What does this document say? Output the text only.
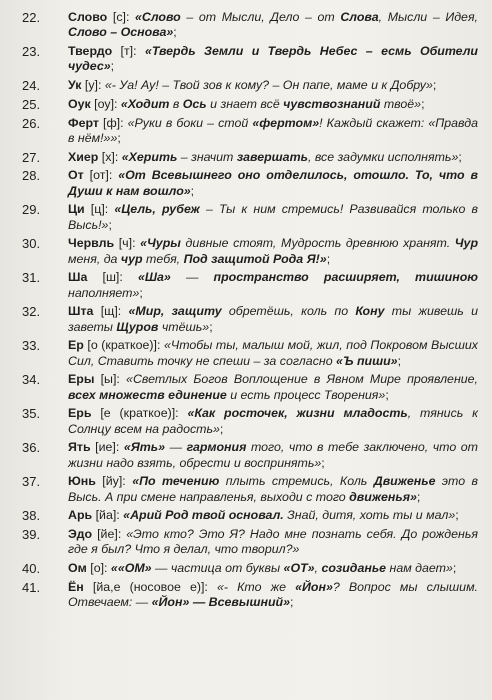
22. Слово [с]: «Слово – от Мысли, Дело – от Слова, Мысли – Идея, Слово – Основа»;
23. Твердо [т]: «Твердь Земли и Твердь Небес – есмь Обители чудес»;
24. Ук [у]: «- Уа! Ау! – Твой зов к кому? – Он папе, маме и к Добру»;
25. Оук [оу]: «Ходит в Ось и знает всё чувствознаний твоё»;
26. Ферт [ф]: «Руки в боки – стой «фертом»! Каждый скажет: «Правда в нём!»»;
27. Хиер [х]: «Херить – значит завершать, все задумки исполнять»;
28. От [от]: «От Всевышнего оно отделилось, отошло. То, что в Души к нам вошло»;
29. Ци [ц]: «Цель, рубеж – Ты к ним стремись! Развивайся только в Высь!»;
30. Червль [ч]: «Чуры дивные стоят, Мудрость древнюю хранят. Чур меня, да чур тебя, Под защитой Рода Я!»;
31. Ша [ш]: «Ша» — пространство расширяет, тишиною наполняет»;
32. Шта [щ]: «Мир, защиту обретёшь, коль по Кону ты живешь и заветы Щуров чтёшь»;
33. Ер [о (краткое)]: «Чтобы ты, малыш мой, жил, под Покровом Высших Сил, Ставить точку не спеши – за согласно «Ъ пиши»;
34. Еры [ы]: «Светлых Богов Воплощение в Явном Мире проявление, всех множеств единение и есть процесс Творения»;
35. Ерь [е (краткое)]: «Как росточек, жизни младость, тянись к Солнцу всем на радость»;
36. Ять [ие]: «Ять» — гармония того, что в тебе заключено, что от жизни надо взять, обрести и воспринять»;
37. Юнь [йу]: «По течению плыть стремись, Коль Движенье это в Высь. А при смене направленья, выходи с того движенья»;
38. Арь [йа]: «Арий Род твой основал. Знай, дитя, хоть ты и мал»;
39. Эдо [йе]: «Это кто? Это Я? Надо мне познать себя. До рожденья где я был? Что я делал, что творил?»
40. Ом [о]: ««ОМ» — частица от буквы «ОТ», созиданье нам дает»;
41. Ён [йа,е (носовое е)]: «- Кто же «Йон»? Вопрос мы слышим. Отвечаем: — «Йон» — Всевышний»;
